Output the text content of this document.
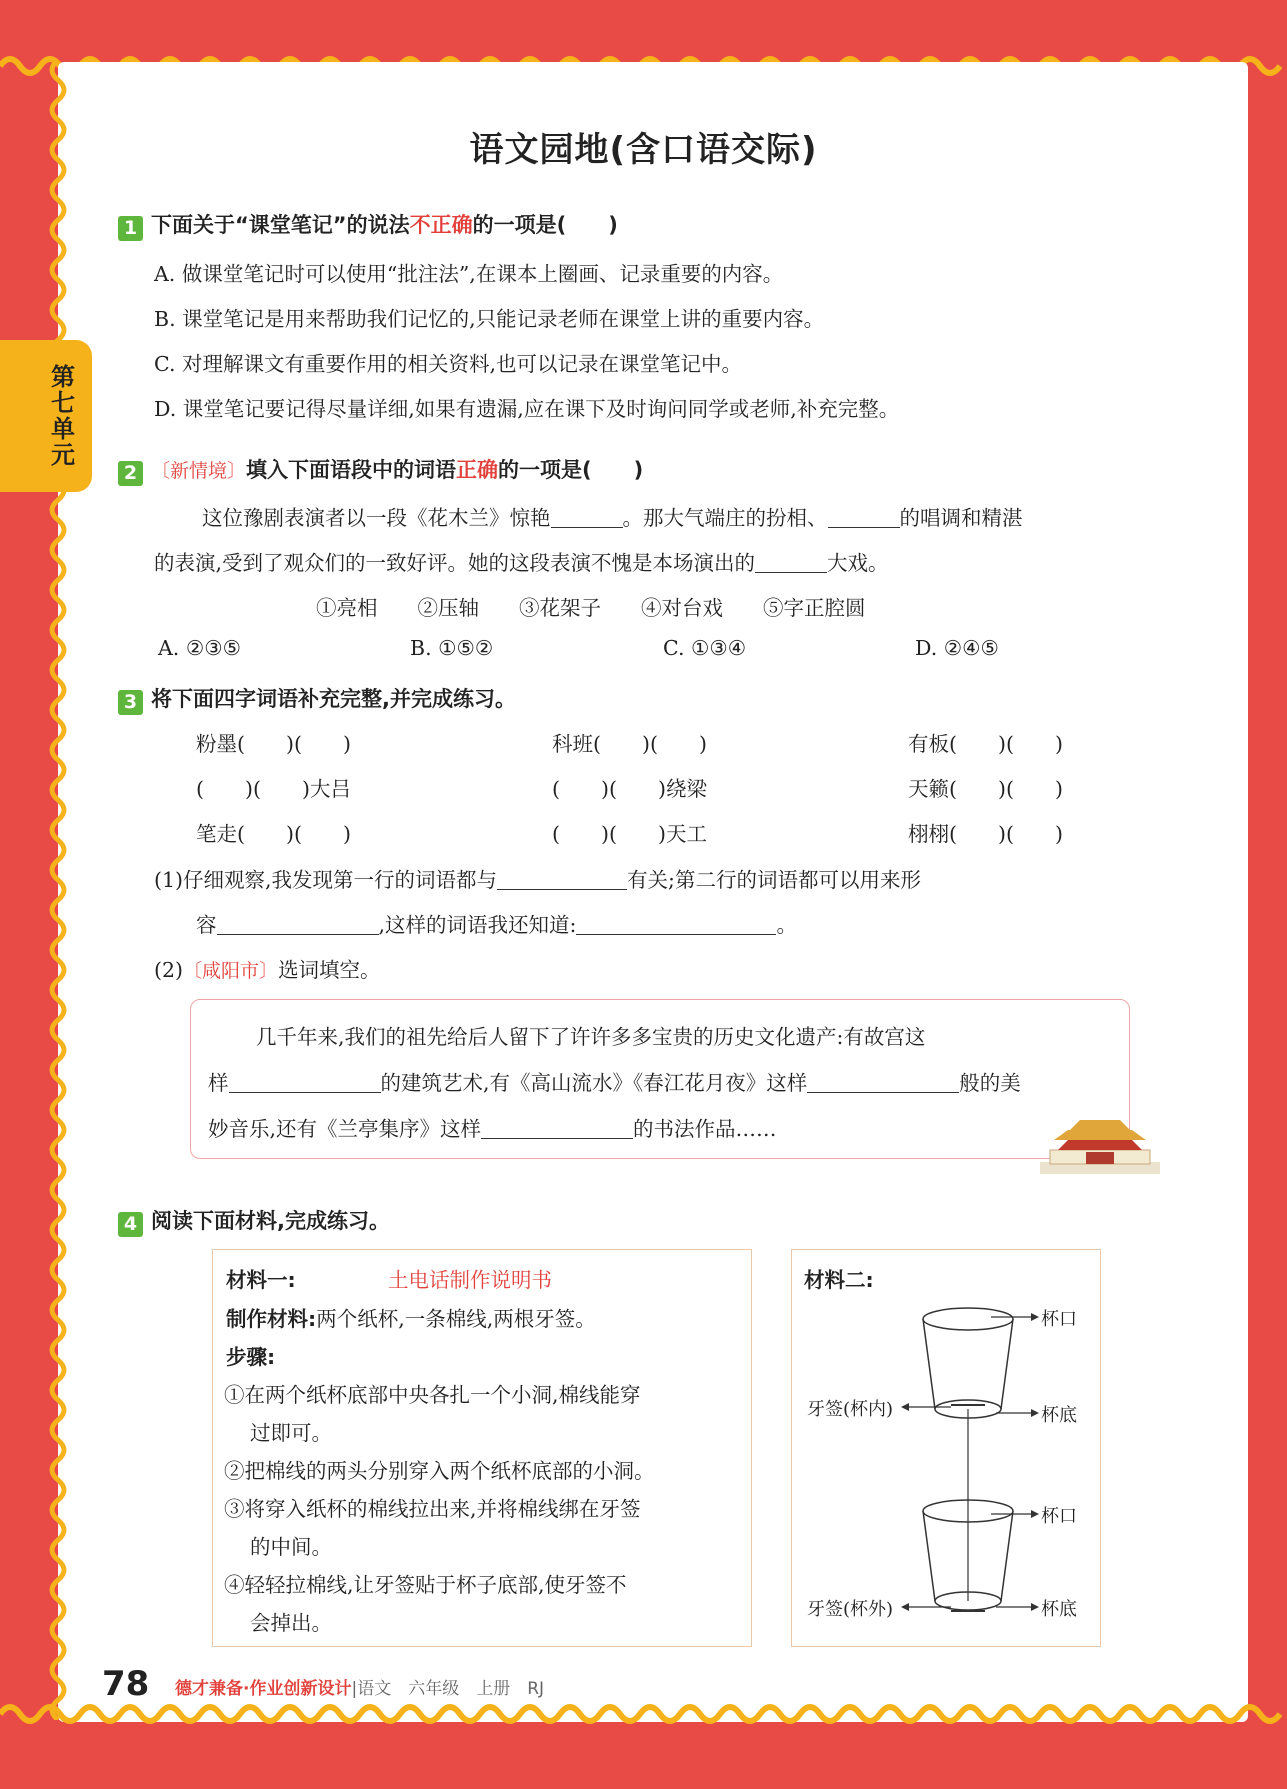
第七单元
语文园地(含口语交际)
1 下面关于“课堂笔记”的说法不正确的一项是(　　)
A. 做课堂笔记时可以使用“批注法”,在课本上圈画、记录重要的内容。
B. 课堂笔记是用来帮助我们记忆的,只能记录老师在课堂上讲的重要内容。
C. 对理解课文有重要作用的相关资料,也可以记录在课堂笔记中。
D. 课堂笔记要记得尽量详细,如果有遗漏,应在课下及时询问同学或老师,补充完整。
2 〔新情境〕填入下面语段中的词语正确的一项是(　　)
这位豫剧表演者以一段《花木兰》惊艳	。那大气端庄的扮相、	的唱调和精湛
的表演,受到了观众们的一致好评。她的这段表演不愧是本场演出的	大戏。
①亮相 ②压轴 ③花架子 ④对台戏 ⑤字正腔圆
A. ②③⑤	B. ①⑤②	C. ①③④	D. ②④⑤
3 将下面四字词语补充完整,并完成练习。
粉墨(　　)(　　)	科班(　　)(　　)	有板(　　)(　　)
(　　)(　　)大吕	(　　)(　　)绕梁	天籁(　　)(　　)
笔走(　　)(　　)	(　　)(　　)天工	栩栩(　　)(　　)
(1)仔细观察,我发现第一行的词语都与	有关;第二行的词语都可以用来形
容	,这样的词语我还知道:	。
(2)〔咸阳市〕选词填空。
几千年来,我们的祖先给后人留下了许许多多宝贵的历史文化遗产:有故宫这
样	的建筑艺术,有《高山流水》《春江花月夜》这样	般的美
妙音乐,还有《兰亭集序》这样	的书法作品……
4 阅读下面材料,完成练习。
材料一:	土电话制作说明书
制作材料:两个纸杯,一条棉线,两根牙签。
步骤:
①在两个纸杯底部中央各扎一个小洞,棉线能穿
过即可。
②把棉线的两头分别穿入两个纸杯底部的小洞。
③将穿入纸杯的棉线拉出来,并将棉线绑在牙签
的中间。
④轻轻拉棉线,让牙签贴于杯子底部,使牙签不
会掉出。
材料二:
杯口
杯底
牙签(杯内)
杯口
杯底
牙签(杯外)
78 德才兼备·作业创新设计|语文　六年级　上册　RJ
